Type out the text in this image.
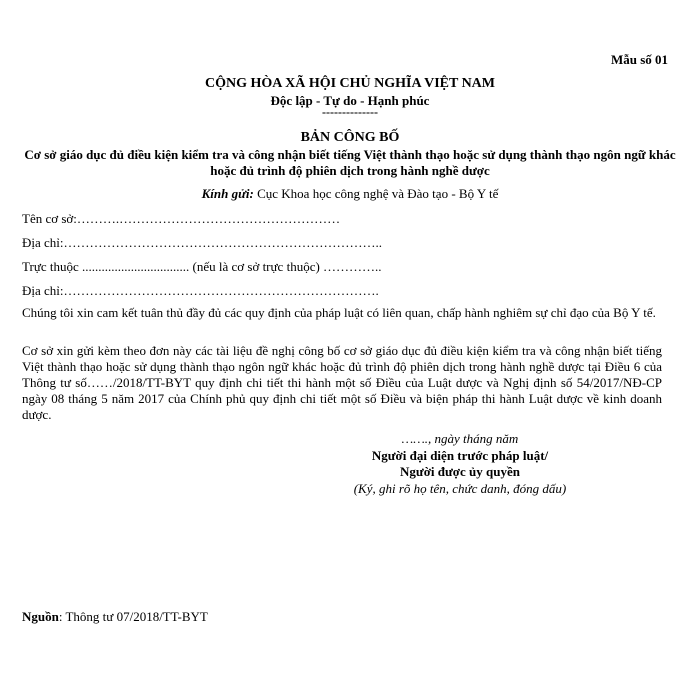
Mẫu số 01
CỘNG HÒA XÃ HỘI CHỦ NGHĨA VIỆT NAM
Độc lập - Tự do - Hạnh phúc
--------------
BẢN CÔNG BỐ
Cơ sở giáo dục đủ điều kiện kiểm tra và công nhận biết tiếng Việt thành thạo hoặc sử dụng thành thạo ngôn ngữ khác hoặc đủ trình độ phiên dịch trong hành nghề dược
Kính gửi: Cục Khoa học công nghệ và Đào tạo - Bộ Y tế
Tên cơ sở:……….……………………………………………
Địa chỉ:………………………………………………………………..
Trực thuộc ................................. (nếu là cơ sở trực thuộc) …………..
Địa chỉ:……………………………………………………………….
Chúng tôi xin cam kết tuân thủ đầy đủ các quy định của pháp luật có liên quan, chấp hành nghiêm sự chỉ đạo của Bộ Y tế.
Cơ sở xin gửi kèm theo đơn này các tài liệu đề nghị công bố cơ sở giáo dục đủ điều kiện kiểm tra và công nhận biết tiếng Việt thành thạo hoặc sử dụng thành thạo ngôn ngữ khác hoặc đủ trình độ phiên dịch trong hành nghề dược tại Điều 6 của Thông tư số……/2018/TT-BYT quy định chi tiết thi hành một số Điều của Luật dược và Nghị định số 54/2017/NĐ-CP ngày 08 tháng 5 năm 2017 của Chính phủ quy định chi tiết một số Điều và biện pháp thi hành Luật dược về kinh doanh dược.
……., ngày tháng năm
Người đại diện trước pháp luật/
Người được ủy quyền
(Ký, ghi rõ họ tên, chức danh, đóng dấu)
Nguồn: Thông tư 07/2018/TT-BYT
